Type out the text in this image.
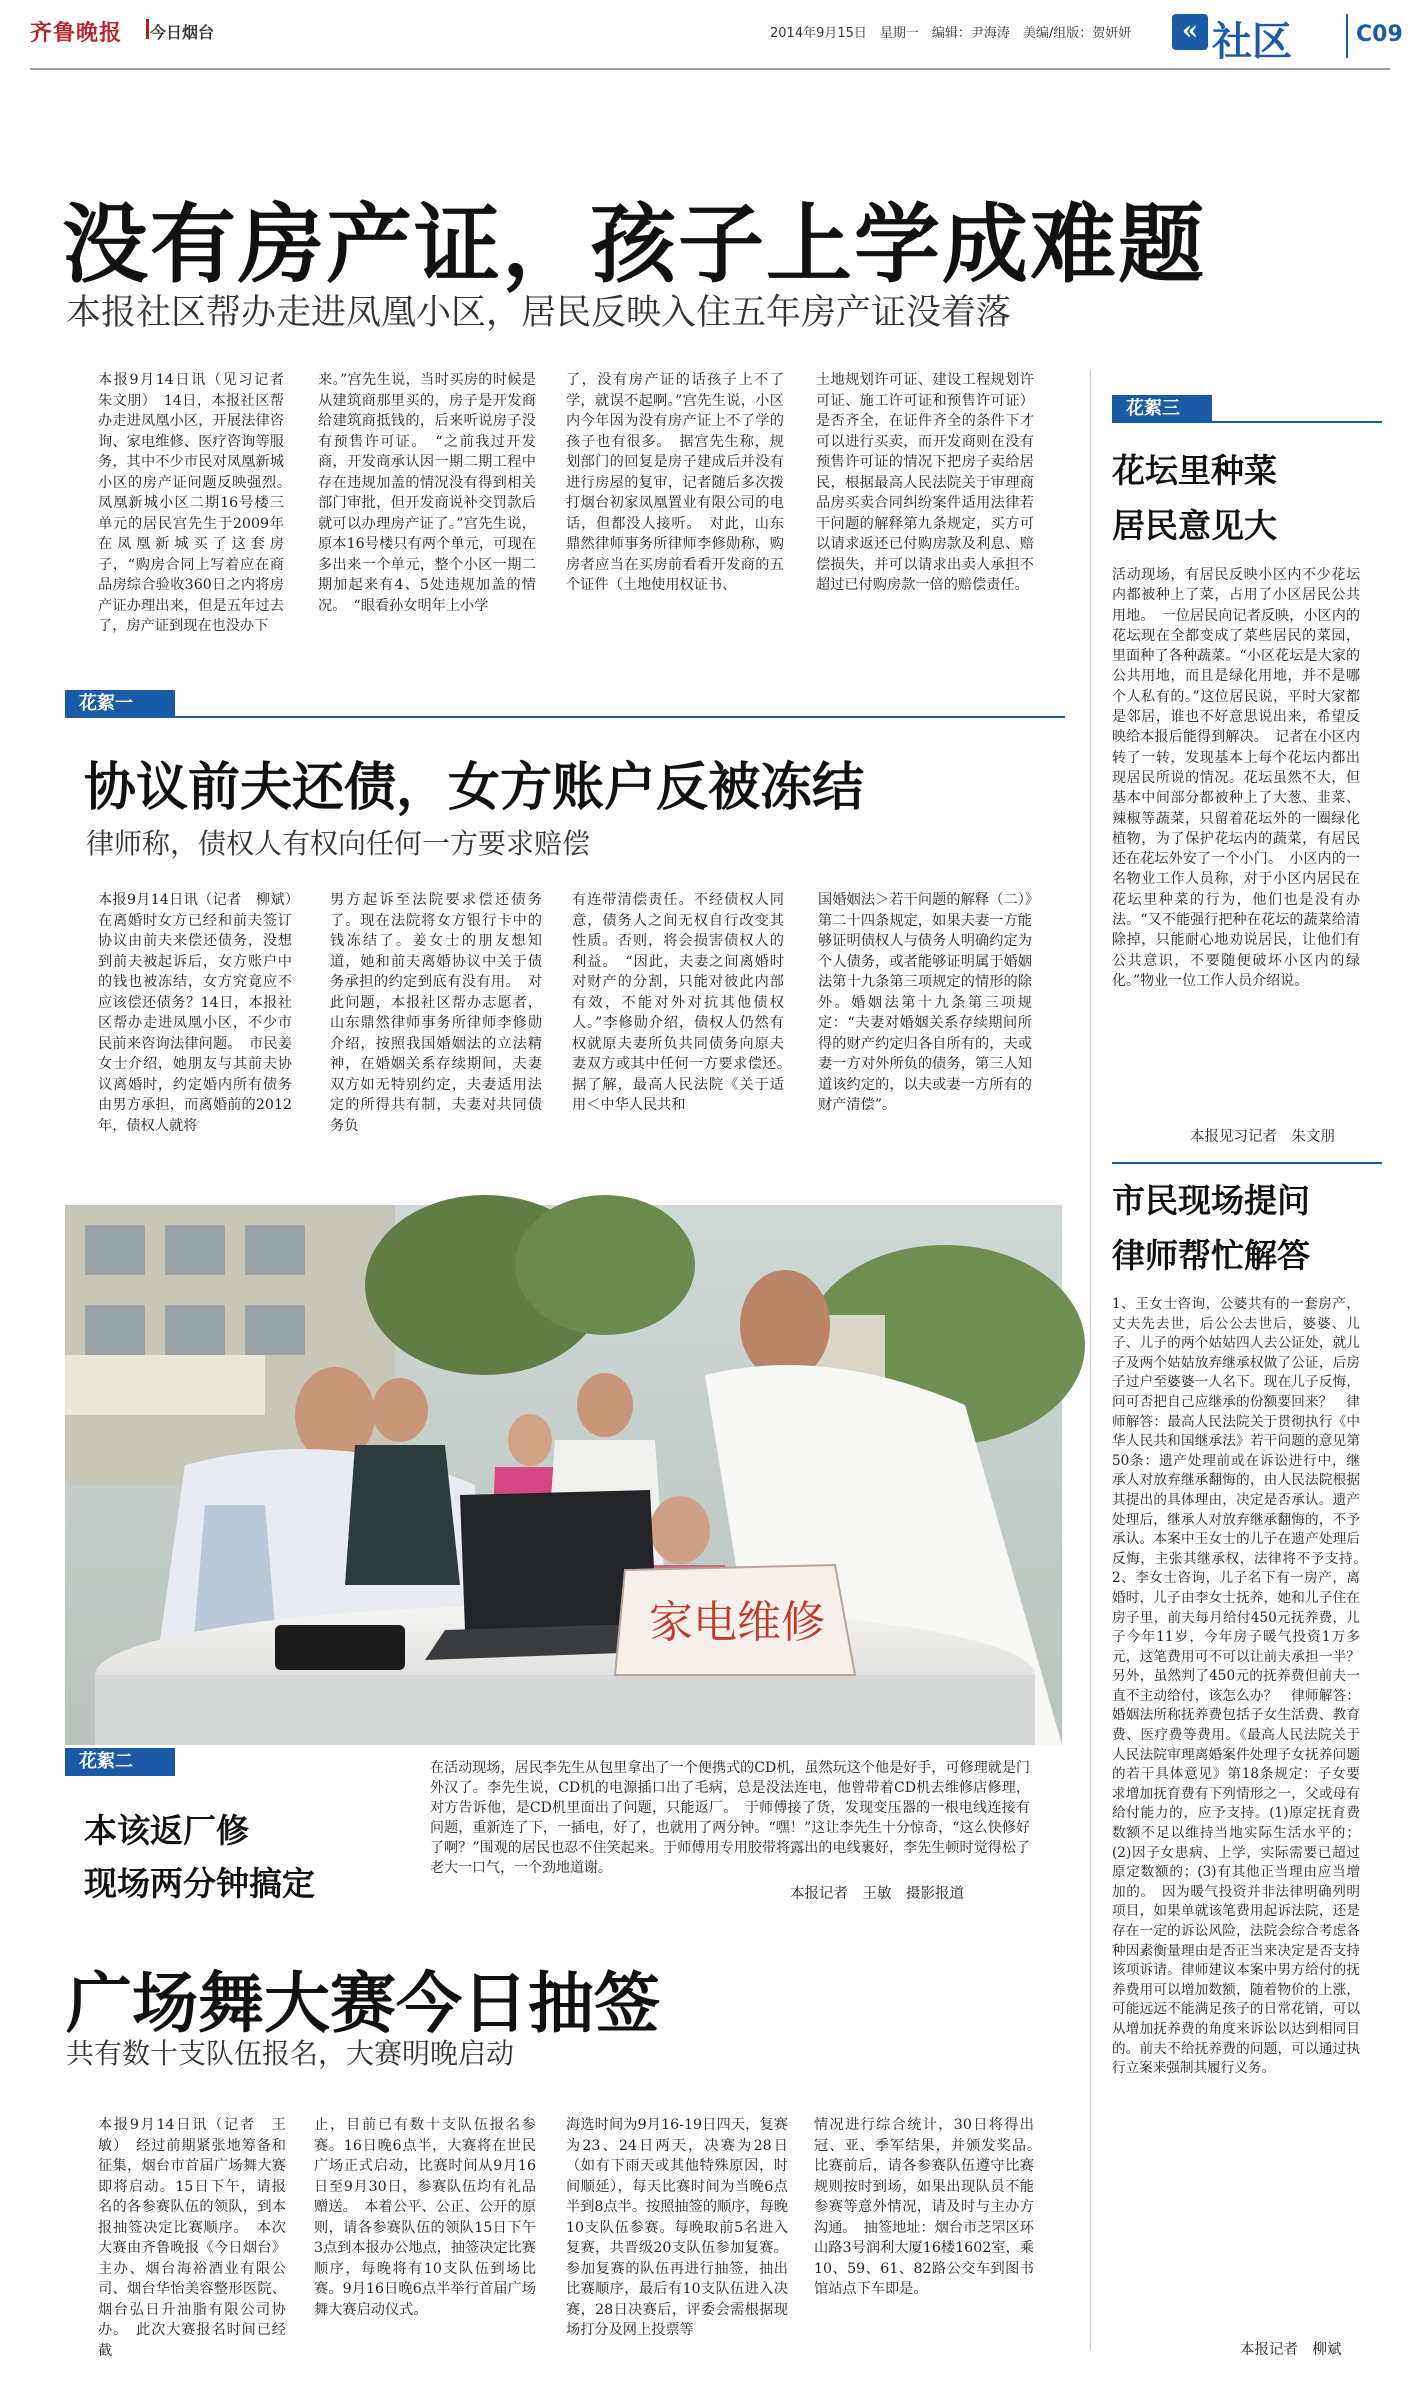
齐鲁晚报 今日烟台	2014年9月15日　星期一　编辑：尹海涛　美编/组版：贺妍妍	« 社区	C09
没有房产证，孩子上学成难题
本报社区帮办走进凤凰小区，居民反映入住五年房产证没着落
本报9月14日讯（见习记者　朱文朋）　14日，本报社区帮办走进凤凰小区，开展法律咨询、家电维修、医疗咨询等服务，其中不少市民对凤凰新城小区的房产证问题反映强烈。　凤凰新城小区二期16号楼三单元的居民宫先生于2009年在凤凰新城买了这套房子，“购房合同上写着应在商品房综合验收360日之内将房产证办理出来，但是五年过去了，房产证到现在也没办下
来。”宫先生说，当时买房的时候是从建筑商那里买的，房子是开发商给建筑商抵钱的，后来听说房子没有预售许可证。　“之前我过开发商，开发商承认因一期二期工程中存在违规加盖的情况没有得到相关部门审批，但开发商说补交罚款后就可以办理房产证了。”宫先生说，原本16号楼只有两个单元，可现在多出来一个单元，整个小区一期二期加起来有4、5处违规加盖的情况。　“眼看孙女明年上小学
了，没有房产证的话孩子上不了学，就误不起啊。”宫先生说，小区内今年因为没有房产证上不了学的孩子也有很多。　据宫先生称，规划部门的回复是房子建成后并没有进行房屋的复审，记者随后多次拨打烟台初家凤凰置业有限公司的电话，但都没人接听。　对此，山东鼎然律师事务所律师李修勋称，购房者应当在买房前看看开发商的五个证件（土地使用权证书、
土地规划许可证、建设工程规划许可证、施工许可证和预售许可证）是否齐全，在证件齐全的条件下才可以进行买卖，而开发商则在没有预售许可证的情况下把房子卖给居民，根据最高人民法院关于审理商品房买卖合同纠纷案件适用法律若干问题的解释第九条规定，买方可以请求返还已付购房款及利息、赔偿损失，并可以请求出卖人承担不超过已付购房款一倍的赔偿责任。
花絮一
协议前夫还债，女方账户反被冻结
律师称，债权人有权向任何一方要求赔偿
本报9月14日讯（记者　柳斌）　在离婚时女方已经和前夫签订协议由前夫来偿还债务，没想到前夫被起诉后，女方账户中的钱也被冻结，女方究竟应不应该偿还债务？14日，本报社区帮办走进凤凰小区，不少市民前来咨询法律问题。　市民姜女士介绍，她朋友与其前夫协议离婚时，约定婚内所有债务由男方承担，而离婚前的2012年，债权人就将
男方起诉至法院要求偿还债务了。现在法院将女方银行卡中的钱冻结了。姜女士的朋友想知道，她和前夫离婚协议中关于债务承担的约定到底有没有用。　对此问题，本报社区帮办志愿者，山东鼎然律师事务所律师李修勋介绍，按照我国婚姻法的立法精神，在婚姻关系存续期间，夫妻双方如无特别约定，夫妻适用法定的所得共有制，夫妻对共同债务负
有连带清偿责任。不经债权人同意，债务人之间无权自行改变其性质。否则，将会损害债权人的利益。　“因此，夫妻之间离婚时对财产的分割，只能对彼此内部有效，不能对外对抗其他债权人。”李修勋介绍，债权人仍然有权就原夫妻所负共同债务向原夫妻双方或其中任何一方要求偿还。　据了解，最高人民法院《关于适用＜中华人民共和
国婚姻法＞若干问题的解释（二）》第二十四条规定，如果夫妻一方能够证明债权人与债务人明确约定为个人债务，或者能够证明属于婚姻法第十九条第三项规定的情形的除外。婚姻法第十九条第三项规定：“夫妻对婚姻关系存续期间所得的财产约定归各自所有的，夫或妻一方对外所负的债务，第三人知道该约定的，以夫或妻一方所有的财产清偿”。
家电维修
花絮二
本该返厂修
现场两分钟搞定
在活动现场，居民李先生从包里拿出了一个便携式的CD机，虽然玩这个他是好手，可修理就是门外汉了。李先生说，CD机的电源插口出了毛病，总是没法连电，他曾带着CD机去维修店修理，对方告诉他，是CD机里面出了问题，只能返厂。　于师傅接了货，发现变压器的一根电线连接有问题，重新连了下，一插电，好了，也就用了两分钟。“嘿！”这让李先生十分惊奇，“这么快修好了啊？”围观的居民也忍不住笑起来。于师傅用专用胶带将露出的电线裹好，李先生顿时觉得松了老大一口气，一个劲地道谢。
本报记者　王敏　摄影报道
广场舞大赛今日抽签
共有数十支队伍报名，大赛明晚启动
本报9月14日讯（记者　王敏）　经过前期紧张地筹备和征集，烟台市首届广场舞大赛即将启动。15日下午，请报名的各参赛队伍的领队，到本报抽签决定比赛顺序。　本次大赛由齐鲁晚报《今日烟台》主办、烟台海裕酒业有限公司、烟台华怡美容整形医院、烟台弘日升油脂有限公司协办。　此次大赛报名时间已经截
止，目前已有数十支队伍报名参赛。16日晚6点半，大赛将在世民广场正式启动，比赛时间从9月16日至9月30日，参赛队伍均有礼品赠送。　本着公平、公正、公开的原则，请各参赛队伍的领队15日下午3点到本报办公地点，抽签决定比赛顺序，每晚将有10支队伍到场比赛。9月16日晚6点半举行首届广场舞大赛启动仪式。
海选时间为9月16-19日四天，复赛为23、24日两天，决赛为28日（如有下雨天或其他特殊原因，时间顺延），每天比赛时间为当晚6点半到8点半。按照抽签的顺序，每晚10支队伍参赛。每晚取前5名进入复赛，共晋级20支队伍参加复赛。参加复赛的队伍再进行抽签，抽出比赛顺序，最后有10支队伍进入决赛，28日决赛后，评委会需根据现场打分及网上投票等
情况进行综合统计，30日将得出冠、亚、季军结果，并颁发奖品。　比赛前后，请各参赛队伍遵守比赛规则按时到场，如果出现队员不能参赛等意外情况，请及时与主办方沟通。　抽签地址：烟台市芝罘区环山路3号润利大厦16楼1602室，乘10、59、61、82路公交车到图书馆站点下车即是。
花絮三
花坛里种菜
居民意见大
活动现场，有居民反映小区内不少花坛内都被种上了菜，占用了小区居民公共用地。　一位居民向记者反映，小区内的花坛现在全都变成了菜些居民的菜园，里面种了各种蔬菜。“小区花坛是大家的公共用地，而且是绿化用地，并不是哪个人私有的。”这位居民说，平时大家都是邻居，谁也不好意思说出来，希望反映给本报后能得到解决。　记者在小区内转了一转，发现基本上每个花坛内都出现居民所说的情况。花坛虽然不大，但基本中间部分都被种上了大葱、韭菜、辣椒等蔬菜，只留着花坛外的一圈绿化植物，为了保护花坛内的蔬菜，有居民还在花坛外安了一个小门。　小区内的一名物业工作人员称，对于小区内居民在花坛里种菜的行为，他们也是没有办法。“又不能强行把种在花坛的蔬菜给清除掉，只能耐心地劝说居民，让他们有公共意识，不要随便破坏小区内的绿化。”物业一位工作人员介绍说。
本报见习记者　朱文朋
市民现场提问
律师帮忙解答
1、王女士咨询，公婆共有的一套房产，丈夫先去世，后公公去世后，婆婆、儿子、儿子的两个姑姑四人去公证处，就儿子及两个姑姑放弃继承权做了公证，后房子过户至婆婆一人名下。现在儿子反悔，问可否把自己应继承的份额要回来？　律师解答：最高人民法院关于贯彻执行《中华人民共和国继承法》若干问题的意见第50条：遗产处理前或在诉讼进行中，继承人对放弃继承翻悔的，由人民法院根据其提出的具体理由，决定是否承认。遗产处理后，继承人对放弃继承翻悔的，不予承认。本案中王女士的儿子在遗产处理后反悔，主张其继承权，法律将不予支持。　2、李女士咨询，儿子名下有一房产，离婚时，儿子由李女士抚养，她和儿子住在房子里，前夫每月给付450元抚养费，儿子今年11岁，今年房子暖气投资1万多元，这笔费用可不可以让前夫承担一半？另外，虽然判了450元的抚养费但前夫一直不主动给付，该怎么办？　律师解答：婚姻法所称抚养费包括子女生活费、教育费、医疗费等费用。《最高人民法院关于人民法院审理离婚案件处理子女抚养问题的若干具体意见》第18条规定：子女要求增加抚育费有下列情形之一，父或母有给付能力的，应予支持。(1)原定抚育费数额不足以维持当地实际生活水平的；(2)因子女患病、上学，实际需要已超过原定数额的；(3)有其他正当理由应当增加的。　因为暖气投资并非法律明确列明项目，如果单就该笔费用起诉法院，还是存在一定的诉讼风险，法院会综合考虑各种因素衡量理由是否正当来决定是否支持该项诉请。律师建议本案中男方给付的抚养费用可以增加数额，随着物价的上涨，可能远远不能满足孩子的日常花销，可以从增加抚养费的角度来诉讼以达到相同目的。前夫不给抚养费的问题，可以通过执行立案来强制其履行义务。
本报记者　柳斌
